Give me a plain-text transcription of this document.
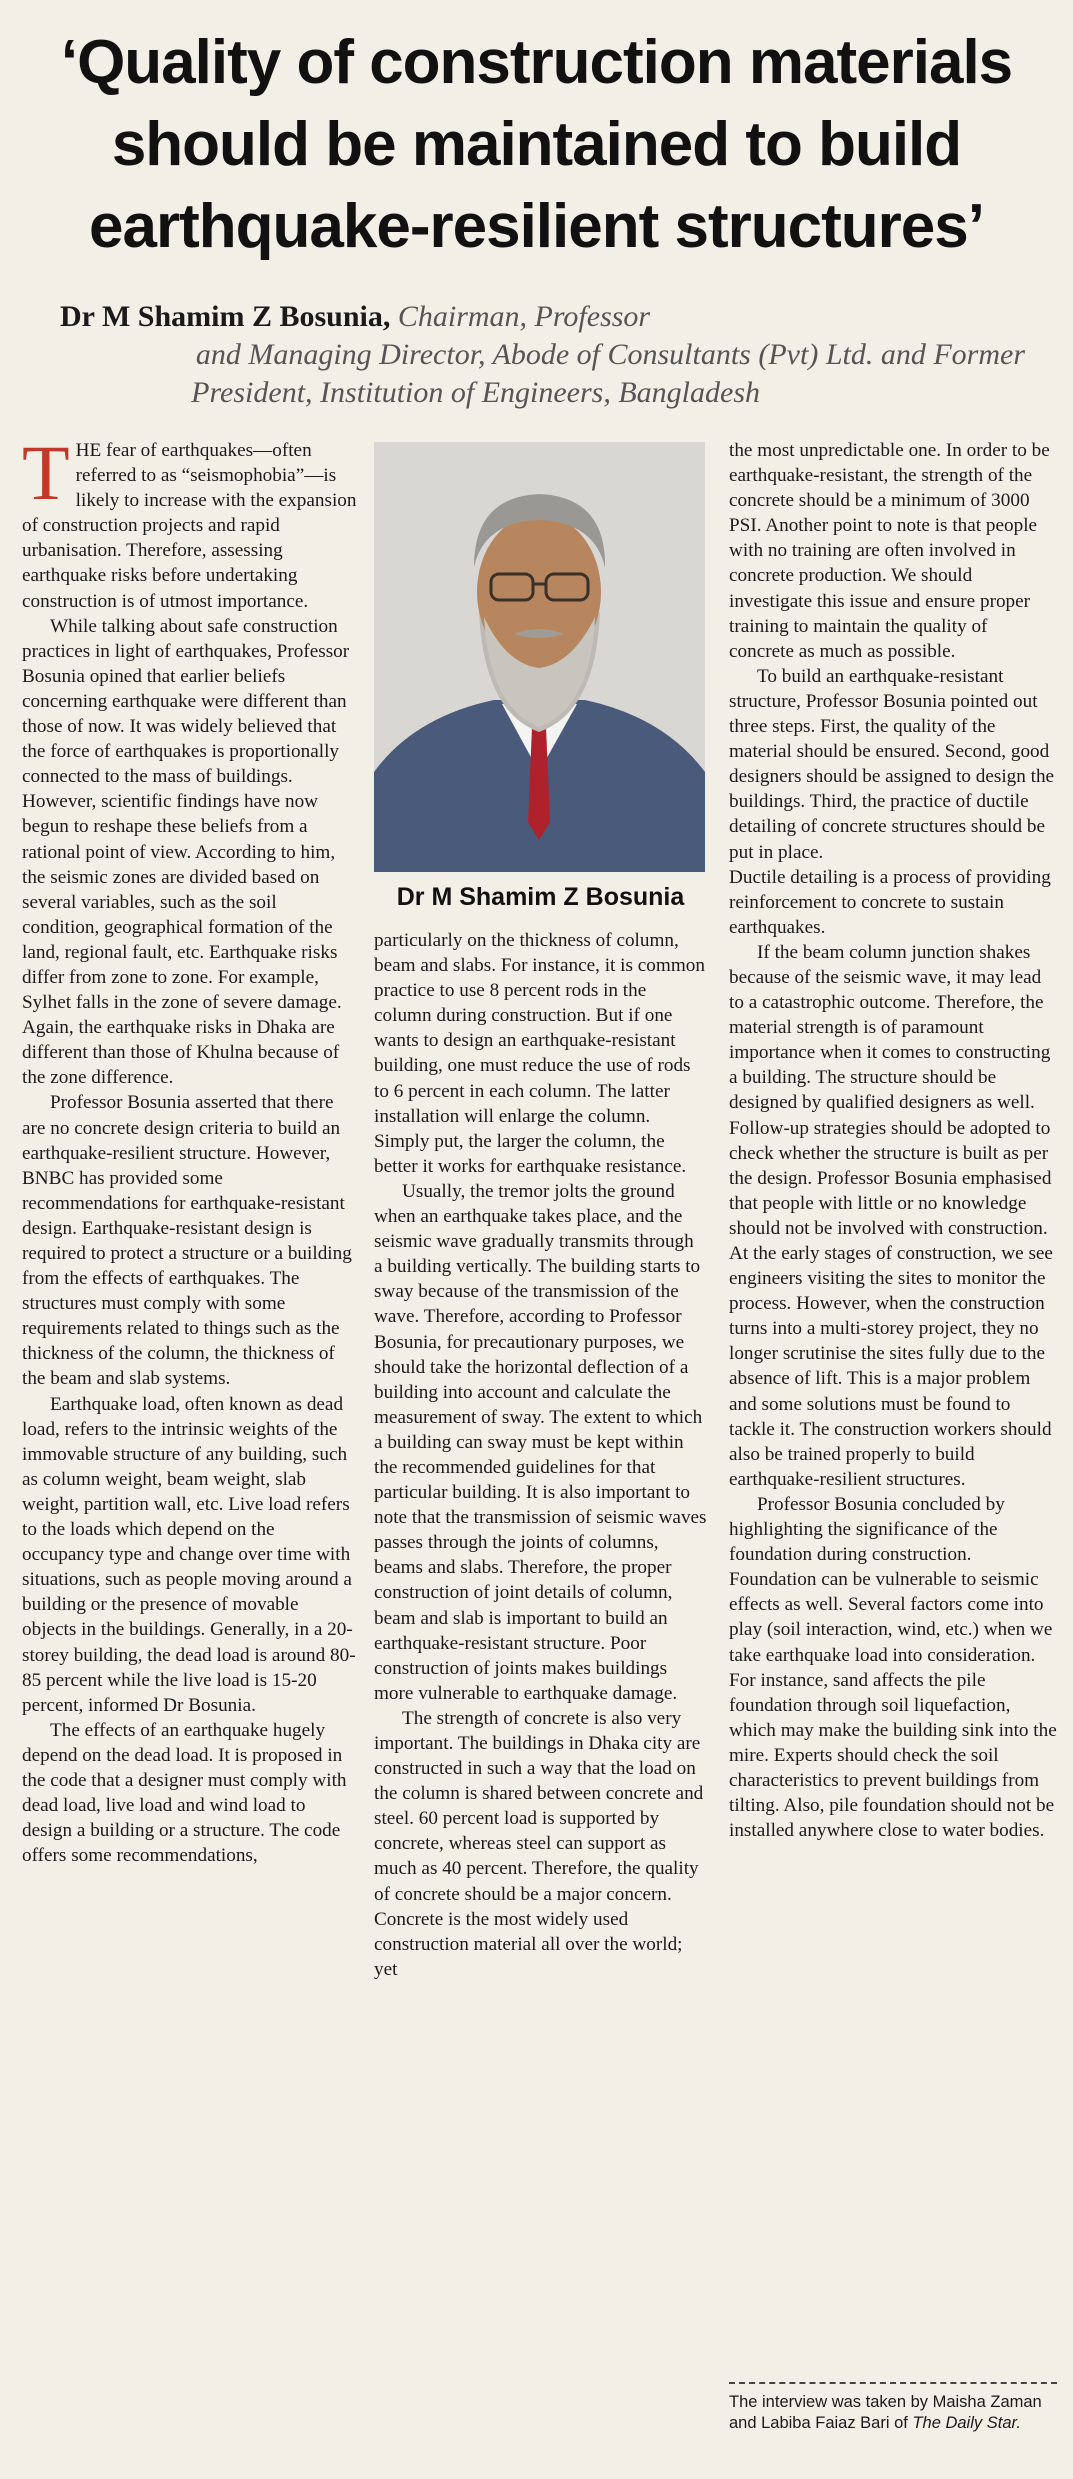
‘Quality of construction materials
should be maintained to build
earthquake-resilient structures’
Dr M Shamim Z Bosunia, Chairman, Professor
and Managing Director, Abode of Consultants (Pvt) Ltd. and Former
President, Institution of Engineers, Bangladesh

THE fear of earthquakes—often referred to as “seismophobia”—is likely to increase with the expansion of construction projects and rapid urbanisation. Therefore, assessing earthquake risks before undertaking construction is of utmost importance.

While talking about safe construction practices in light of earthquakes, Professor Bosunia opined that earlier beliefs concerning earthquake were different than those of now. It was widely believed that the force of earthquakes is proportionally connected to the mass of buildings. However, scientific findings have now begun to reshape these beliefs from a rational point of view. According to him, the seismic zones are divided based on several variables, such as the soil condition, geographical formation of the land, regional fault, etc. Earthquake risks differ from zone to zone. For example, Sylhet falls in the zone of severe damage. Again, the earthquake risks in Dhaka are different than those of Khulna because of the zone difference.

Professor Bosunia asserted that there are no concrete design criteria to build an earthquake-resilient structure. However, BNBC has provided some recommendations for earthquake-resistant design. Earthquake-resistant design is required to protect a structure or a building from the effects of earthquakes. The structures must comply with some requirements related to things such as the thickness of the column, the thickness of the beam and slab systems.

Earthquake load, often known as dead load, refers to the intrinsic weights of the immovable structure of any building, such as column weight, beam weight, slab weight, partition wall, etc. Live load refers to the loads which depend on the occupancy type and change over time with situations, such as people moving around a building or the presence of movable objects in the buildings. Generally, in a 20-storey building, the dead load is around 80-85 percent while the live load is 15-20 percent, informed Dr Bosunia.

The effects of an earthquake hugely depend on the dead load. It is proposed in the code that a designer must comply with dead load, live load and wind load to design a building or a structure. The code offers some recommendations,

Dr M Shamim Z Bosunia

particularly on the thickness of column, beam and slabs. For instance, it is common practice to use 8 percent rods in the column during construction. But if one wants to design an earthquake-resistant building, one must reduce the use of rods to 6 percent in each column. The latter installation will enlarge the column. Simply put, the larger the column, the better it works for earthquake resistance.

Usually, the tremor jolts the ground when an earthquake takes place, and the seismic wave gradually transmits through a building vertically. The building starts to sway because of the transmission of the wave. Therefore, according to Professor Bosunia, for precautionary purposes, we should take the horizontal deflection of a building into account and calculate the measurement of sway. The extent to which a building can sway must be kept within the recommended guidelines for that particular building. It is also important to note that the transmission of seismic waves passes through the joints of columns, beams and slabs. Therefore, the proper construction of joint details of column, beam and slab is important to build an earthquake-resistant structure. Poor construction of joints makes buildings more vulnerable to earthquake damage.

The strength of concrete is also very important. The buildings in Dhaka city are constructed in such a way that the load on the column is shared between concrete and steel. 60 percent load is supported by concrete, whereas steel can support as much as 40 percent. Therefore, the quality of concrete should be a major concern. Concrete is the most widely used construction material all over the world; yet

the most unpredictable one. In order to be earthquake-resistant, the strength of the concrete should be a minimum of 3000 PSI. Another point to note is that people with no training are often involved in concrete production. We should investigate this issue and ensure proper training to maintain the quality of concrete as much as possible.

To build an earthquake-resistant structure, Professor Bosunia pointed out three steps. First, the quality of the material should be ensured. Second, good designers should be assigned to design the buildings. Third, the practice of ductile detailing of concrete structures should be put in place.

Ductile detailing is a process of providing reinforcement to concrete to sustain earthquakes.

If the beam column junction shakes because of the seismic wave, it may lead to a catastrophic outcome. Therefore, the material strength is of paramount importance when it comes to constructing a building. The structure should be designed by qualified designers as well. Follow-up strategies should be adopted to check whether the structure is built as per the design. Professor Bosunia emphasised that people with little or no knowledge should not be involved with construction. At the early stages of construction, we see engineers visiting the sites to monitor the process. However, when the construction turns into a multi-storey project, they no longer scrutinise the sites fully due to the absence of lift. This is a major problem and some solutions must be found to tackle it. The construction workers should also be trained properly to build earthquake-resilient structures.

Professor Bosunia concluded by highlighting the significance of the foundation during construction. Foundation can be vulnerable to seismic effects as well. Several factors come into play (soil interaction, wind, etc.) when we take earthquake load into consideration. For instance, sand affects the pile foundation through soil liquefaction, which may make the building sink into the mire. Experts should check the soil characteristics to prevent buildings from tilting. Also, pile foundation should not be installed anywhere close to water bodies.

The interview was taken by Maisha Zaman and Labiba Faiaz Bari of The Daily Star.
